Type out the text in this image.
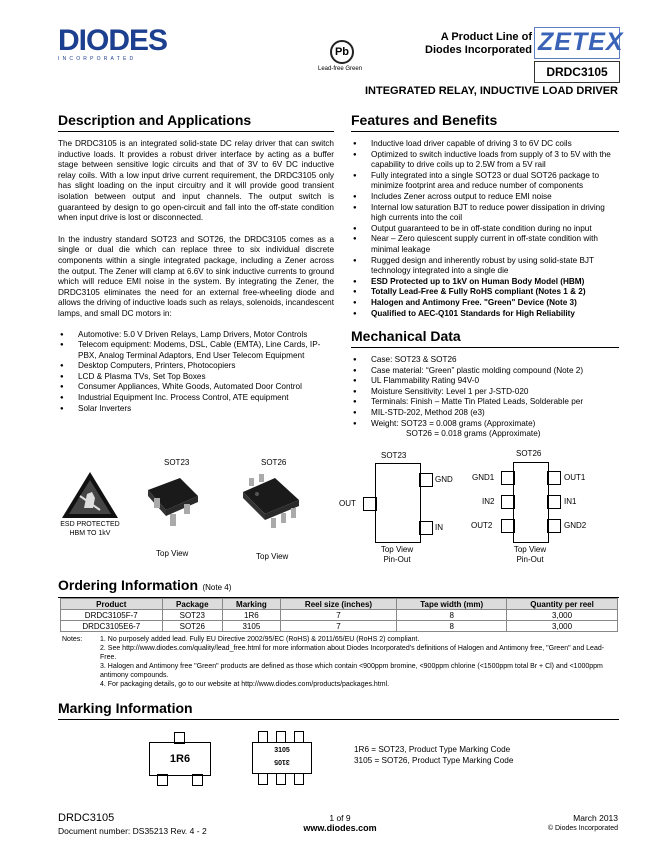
DIODES
INCORPORATED
Pb
Lead-free Green
A Product Line of
Diodes Incorporated ZETEX
DRDC3105
INTEGRATED RELAY, INDUCTIVE LOAD DRIVER
Description and Applications
The DRDC3105 is an integrated solid-state DC relay driver that can switch inductive loads. It provides a robust driver interface by acting as a buffer stage between sensitive logic circuits and that of 3V to 6V DC inductive relay coils. With a low input drive current requirement, the DRDC3105 only has slight loading on the input circuitry and it will provide good transient isolation between output and input channels. The output switch is guaranteed by design to go open-circuit and fall into the off-state condition when input drive is lost or disconnected.
In the industry standard SOT23 and SOT26, the DRDC3105 comes as a single or dual die which can replace three to six individual discrete components within a single integrated package, including a Zener across the output. The Zener will clamp at 6.6V to sink inductive currents to ground which will reduce EMI noise in the system. By integrating the Zener, the DRDC3105 eliminates the need for an external free-wheeling diode and allows the driving of inductive loads such as relays, solenoids, incandescent lamps, and small DC motors in:
● Automotive: 5.0 V Driven Relays, Lamp Drivers, Motor Controls
● Telecom equipment: Modems, DSL, Cable (EMTA), Line Cards, IP-PBX, Analog Terminal Adaptors, End User Telecom Equipment
● Desktop Computers, Printers, Photocopiers
● LCD & Plasma TVs, Set Top Boxes
● Consumer Appliances, White Goods, Automated Door Control
● Industrial Equipment Inc. Process Control, ATE equipment
● Solar Inverters
Features and Benefits
● Inductive load driver capable of driving 3 to 6V DC coils
● Optimized to switch inductive loads from supply of 3 to 5V with the capability to drive coils up to 2.5W from a 5V rail
● Fully integrated into a single SOT23 or dual SOT26 package to minimize footprint area and reduce number of components
● Includes Zener across output to reduce EMI noise
● Internal low saturation BJT to reduce power dissipation in driving high currents into the coil
● Output guaranteed to be in off-state condition during no input
● Near – Zero quiescent supply current in off-state condition with minimal leakage
● Rugged design and inherently robust by using solid-state BJT technology integrated into a single die
● ESD Protected up to 1kV on Human Body Model (HBM)
● Totally Lead-Free & Fully RoHS compliant (Notes 1 & 2)
● Halogen and Antimony Free. "Green" Device (Note 3)
● Qualified to AEC-Q101 Standards for High Reliability
Mechanical Data
● Case: SOT23 & SOT26
● Case material: “Green” plastic molding compound (Note 2)
● UL Flammability Rating 94V-0
● Moisture Sensitivity: Level 1 per J-STD-020
● Terminals: Finish – Matte Tin Plated Leads, Solderable per
● MIL-STD-202, Method 208 (e3)
● Weight: SOT23 = 0.008 grams (Approximate)
SOT26 = 0.018 grams (Approximate)
ESD PROTECTED
HBM TO 1kV
SOT23
Top View
SOT26
Top View
SOT23
OUT
GND
IN
Top View
Pin-Out
SOT26
GND1
IN2
OUT2
OUT1
IN1
GND2
Top View
Pin-Out
Ordering Information (Note 4)
Product	Package	Marking	Reel size (inches)	Tape width (mm)	Quantity per reel
DRDC3105F-7	SOT23	1R6	7	8	3,000
DRDC3105E6-7	SOT26	3105	7	8	3,000
Notes:	1. No purposely added lead. Fully EU Directive 2002/95/EC (RoHS) & 2011/65/EU (RoHS 2) compliant.
2. See http://www.diodes.com/quality/lead_free.html for more information about Diodes Incorporated’s definitions of Halogen and Antimony free, "Green" and Lead-Free.
3. Halogen and Antimony free "Green" products are defined as those which contain <900ppm bromine, <900ppm chlorine (<1500ppm total Br + Cl) and <1000ppm antimony compounds.
4. For packaging details, go to our website at http://www.diodes.com/products/packages.html.
Marking Information
1R6
3105
3105
1R6 = SOT23, Product Type Marking Code
3105 = SOT26, Product Type Marking Code
DRDC3105
Document number: DS35213 Rev. 4 - 2
1 of 9
www.diodes.com
March 2013
© Diodes Incorporated
